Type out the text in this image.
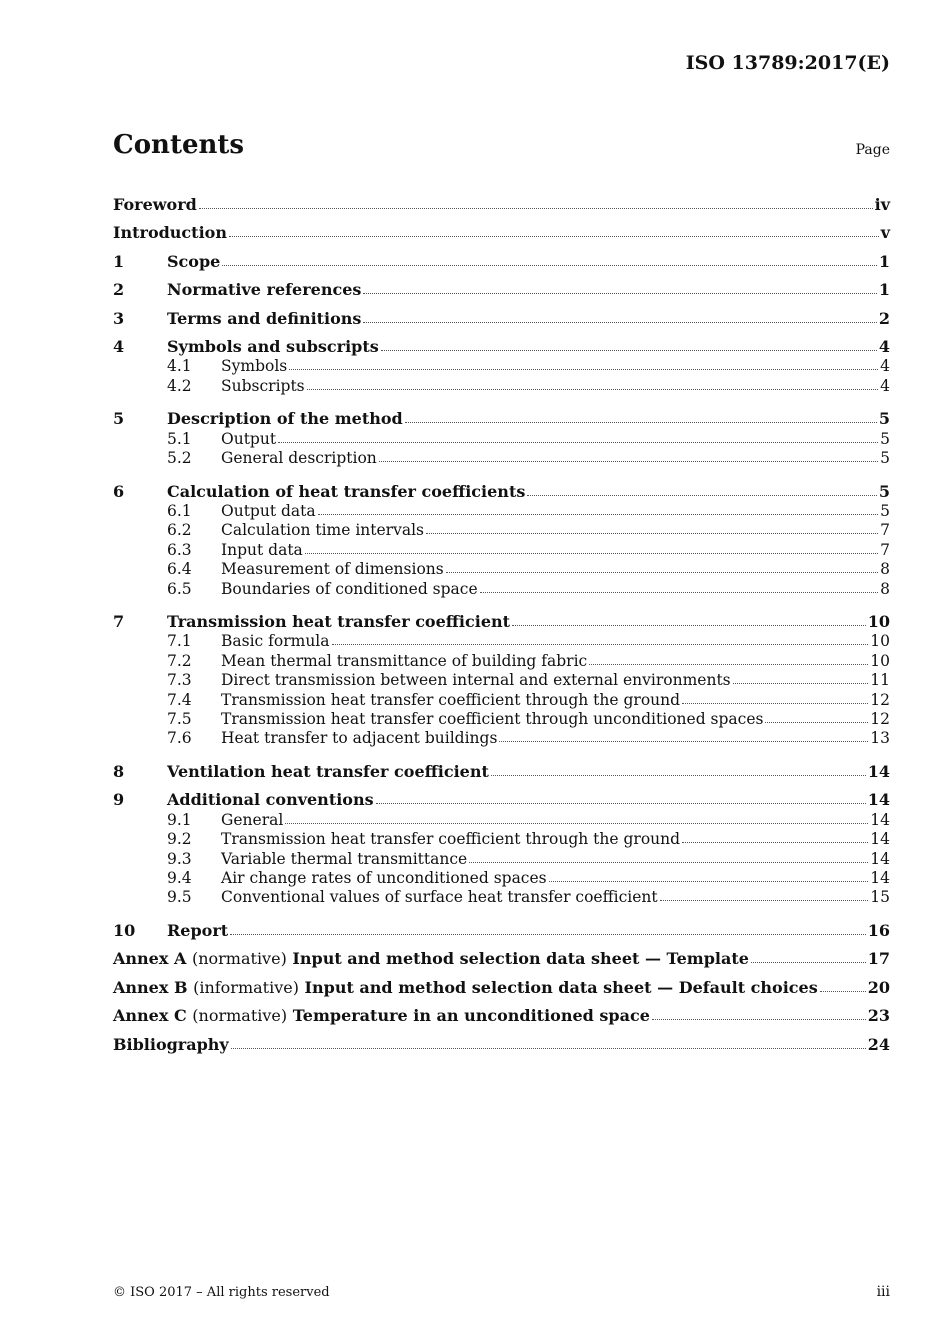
ISO 13789:2017(E)
Contents	Page
Foreword	iv
Introduction	v
1	Scope	1
2	Normative references	1
3	Terms and definitions	2
4	Symbols and subscripts	4
4.1	Symbols	4
4.2	Subscripts	4
5	Description of the method	5
5.1	Output	5
5.2	General description	5
6	Calculation of heat transfer coefficients	5
6.1	Output data	5
6.2	Calculation time intervals	7
6.3	Input data	7
6.4	Measurement of dimensions	8
6.5	Boundaries of conditioned space	8
7	Transmission heat transfer coefficient	10
7.1	Basic formula	10
7.2	Mean thermal transmittance of building fabric	10
7.3	Direct transmission between internal and external environments	11
7.4	Transmission heat transfer coefficient through the ground	12
7.5	Transmission heat transfer coefficient through unconditioned spaces	12
7.6	Heat transfer to adjacent buildings	13
8	Ventilation heat transfer coefficient	14
9	Additional conventions	14
9.1	General	14
9.2	Transmission heat transfer coefficient through the ground	14
9.3	Variable thermal transmittance	14
9.4	Air change rates of unconditioned spaces	14
9.5	Conventional values of surface heat transfer coefficient	15
10	Report	16
Annex A (normative) Input and method selection data sheet — Template	17
Annex B (informative) Input and method selection data sheet — Default choices	20
Annex C (normative) Temperature in an unconditioned space	23
Bibliography	24
© ISO 2017 – All rights reserved	iii
